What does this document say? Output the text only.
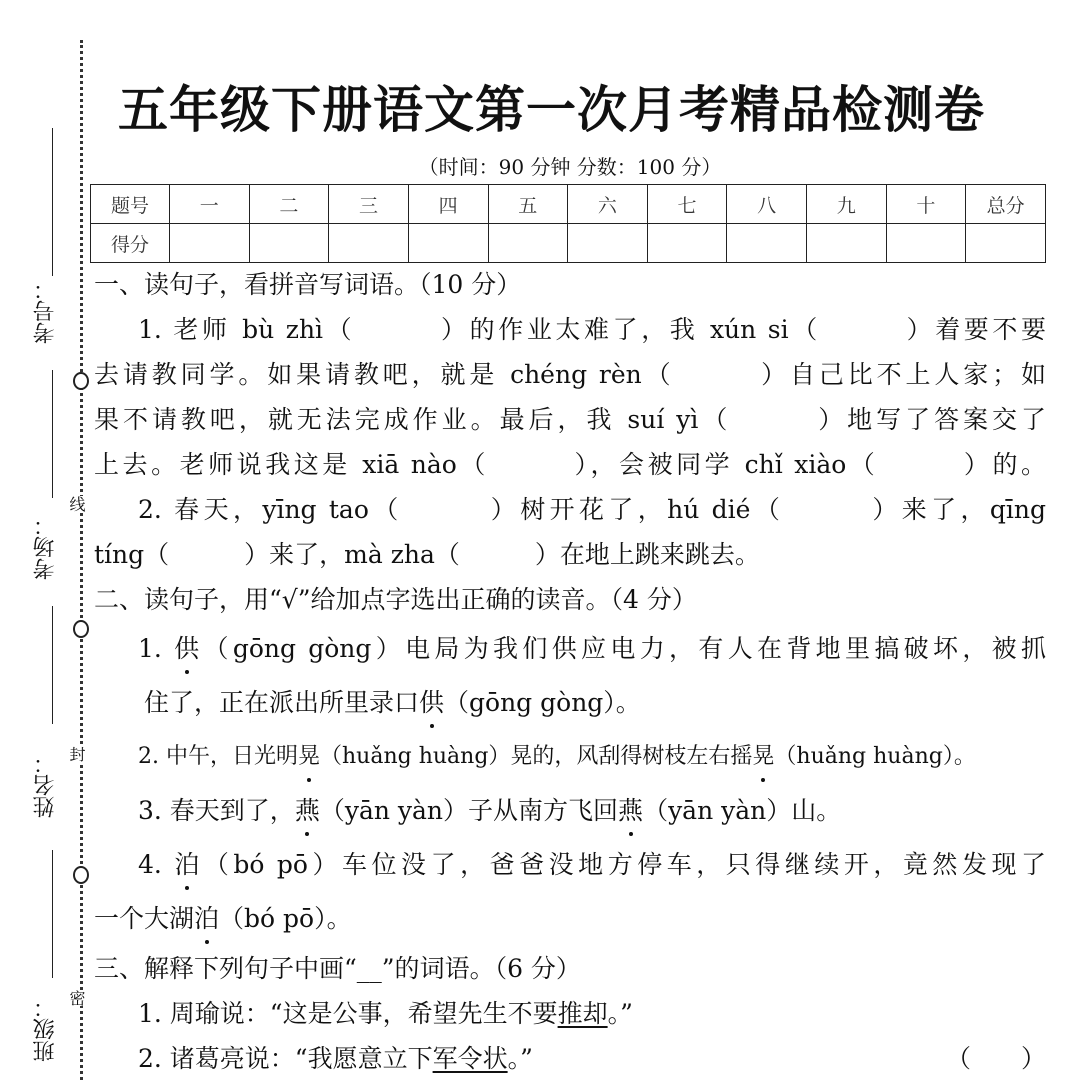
考号：
考场：
姓名：
班级：
线
封
密
五年级下册语文第一次月考精品检测卷
（时间：90 分钟 分数：100 分）
题号	一	二	三	四	五	六	七	八	九	十	总分
得分											
一、读句子，看拼音写词语。（10 分）
1. 老师 bù zhì（　　　）的作业太难了，我 xún si（　　　）着要不要
去请教同学。如果请教吧，就是 chéng rèn（　　　）自己比不上人家；如
果不请教吧，就无法完成作业。最后，我 suí yì（　　　）地写了答案交了
上去。老师说我这是 xiā nào（　　　），会被同学 chǐ xiào（　　　）的。
2. 春天，yīng tao（　　　）树开花了，hú dié（　　　）来了，qīng
tíng（　　　）来了，mà zha（　　　）在地上跳来跳去。
二、读句子，用“√”给加点字选出正确的读音。（4 分）
1. 供（gōng gòng）电局为我们供应电力，有人在背地里搞破坏，被抓
住了，正在派出所里录口供（gōng gòng）。
2. 中午，日光明晃（huǎng huàng）晃的，风刮得树枝左右摇晃（huǎng huàng）。
3. 春天到了，燕（yān yàn）子从南方飞回燕（yān yàn）山。
4. 泊（bó pō）车位没了，爸爸没地方停车，只得继续开，竟然发现了
一个大湖泊（bó pō）。
三、解释下列句子中画“__”的词语。（6 分）
1. 周瑜说：“这是公事，希望先生不要推却。”
2. 诸葛亮说：“我愿意立下军令状。”	（　　）
